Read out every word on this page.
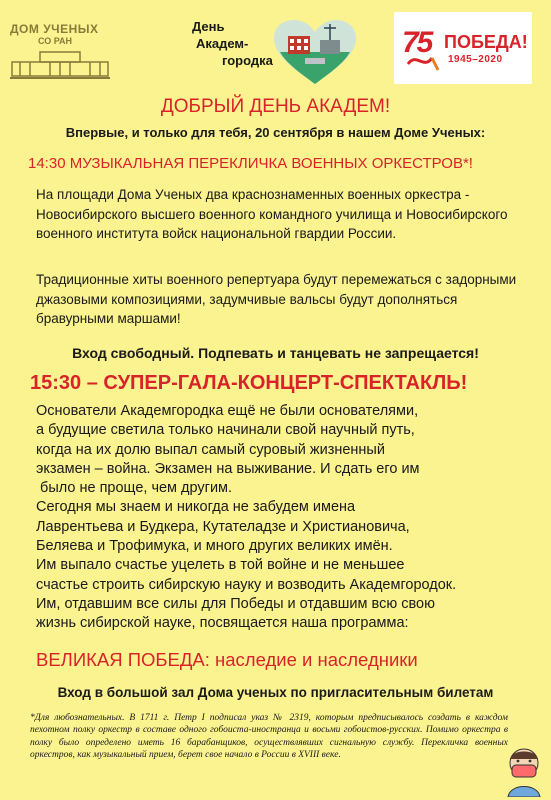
ДОМ УЧЕНЫХ
СО РАН
День
Академ-
городка
75 ПОБЕДА!
1945–2020
ДОБРЫЙ ДЕНЬ АКАДЕМ!
Впервые, и только для тебя, 20 сентября в нашем Доме Ученых:
14:30 МУЗЫКАЛЬНАЯ ПЕРЕКЛИЧКА ВОЕННЫХ ОРКЕСТРОВ*!
На площади Дома Ученых два краснознаменных военных оркестра - Новосибирского высшего военного командного училища и Новосибирского военного института войск национальной гвардии России.
Традиционные хиты военного репертуара будут перемежаться с задорными джазовыми композициями, задумчивые вальсы будут дополняться бравурными маршами!
Вход свободный. Подпевать и танцевать не запрещается!
15:30 – СУПЕР-ГАЛА-КОНЦЕРТ-СПЕКТАКЛЬ!
Основатели Академгородка ещё не были основателями,
а будущие светила только начинали свой научный путь,
когда на их долю выпал самый суровый жизненный
экзамен – война. Экзамен на выживание. И сдать его им
было не проще, чем другим.
Сегодня мы знаем и никогда не забудем имена
Лаврентьева и Будкера, Кутателадзе и Христиановича,
Беляева и Трофимука, и много других великих имён.
Им выпало счастье уцелеть в той войне и не меньшее
счастье строить сибирскую науку и возводить Академгородок.
Им, отдавшим все силы для Победы и отдавшим всю свою
жизнь сибирской науке, посвящается наша программа:
ВЕЛИКАЯ ПОБЕДА: наследие и наследники
Вход в большой зал Дома ученых по пригласительным билетам
*Для любознательных. В 1711 г. Петр I подписал указ № 2319, которым предписывалось создать в каждом пехотном полку оркестр в составе одного гобоиста-иностранца и восьми гобоистов-русских. Помимо оркестра в полку было определено иметь 16 барабанщиков, осуществлявших сигнальную службу. Перекличка военных оркестров, как музыкальный прием, берет свое начало в России в XVIII веке.
